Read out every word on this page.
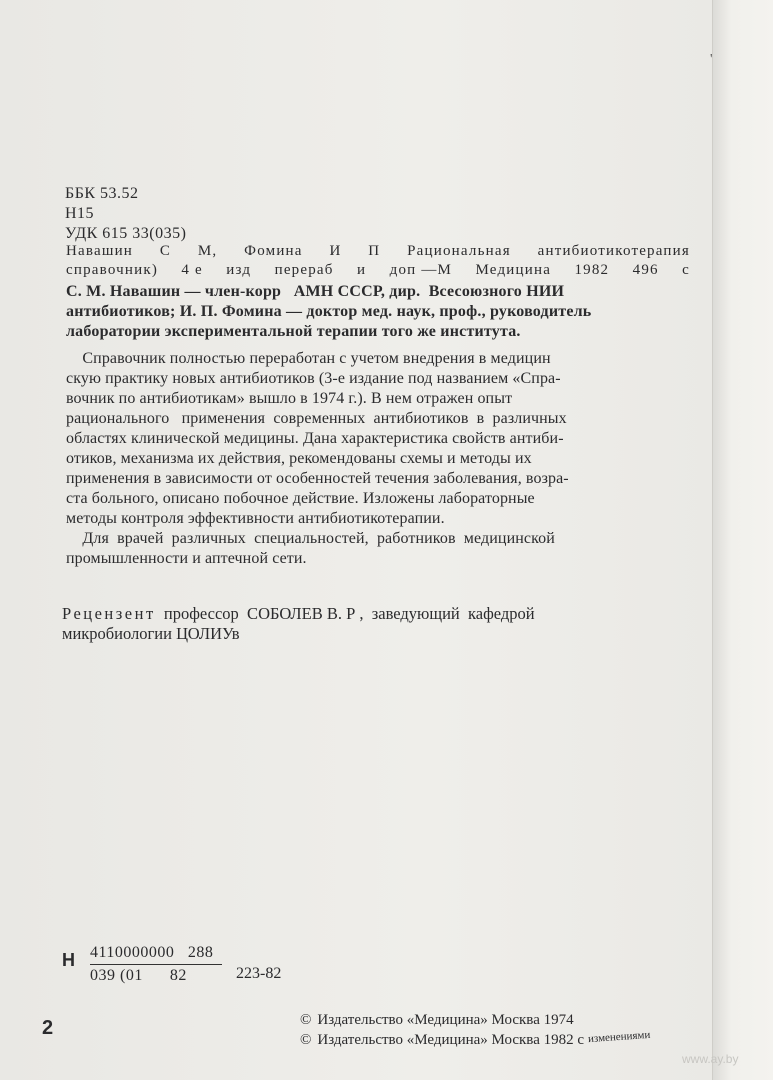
ББК 53.52
Н15
УДК 615 33(035)
Навашин С М, Фомина И П Рациональная антибиотикотерапия
справочник) 4 е изд перераб и доп —М Медицина 1982 496 с
С. М. Навашин — член-корр   АМН СССР, дир.  Всесоюзного НИИ
антибиотиков; И. П. Фомина — доктор мед. наук, проф., руководитель
лаборатории экспериментальной терапии того же института.
Справочник полностью переработан с учетом внедрения в медицин
скую практику новых антибиотиков (3-е издание под названием «Спра-
вочник по антибиотикам» вышло в 1974 г.). В нем отражен опыт
рационального   применения  современных  антибиотиков  в  различных
областях клинической медицины. Дана характеристика свойств антиби-
отиков, механизма их действия, рекомендованы схемы и методы их
применения в зависимости от особенностей течения заболевания, возра-
ста больного, описано побочное действие. Изложены лабораторные
методы контроля эффективности антибиотикотерапии.
Для  врачей  различных  специальностей,  работников  медицинской
промышленности и аптечной сети.
Рецензент  профессор  СОБОЛЕВ В. Р ,  заведующий  кафедрой
микробиологии ЦОЛИУв
Н 4110000000   288
039 (01      82	223-82
© Издательство «Медицина» Москва 1974
© Издательство «Медицина» Москва 1982 с изменениями
2
'
www.ay.by
